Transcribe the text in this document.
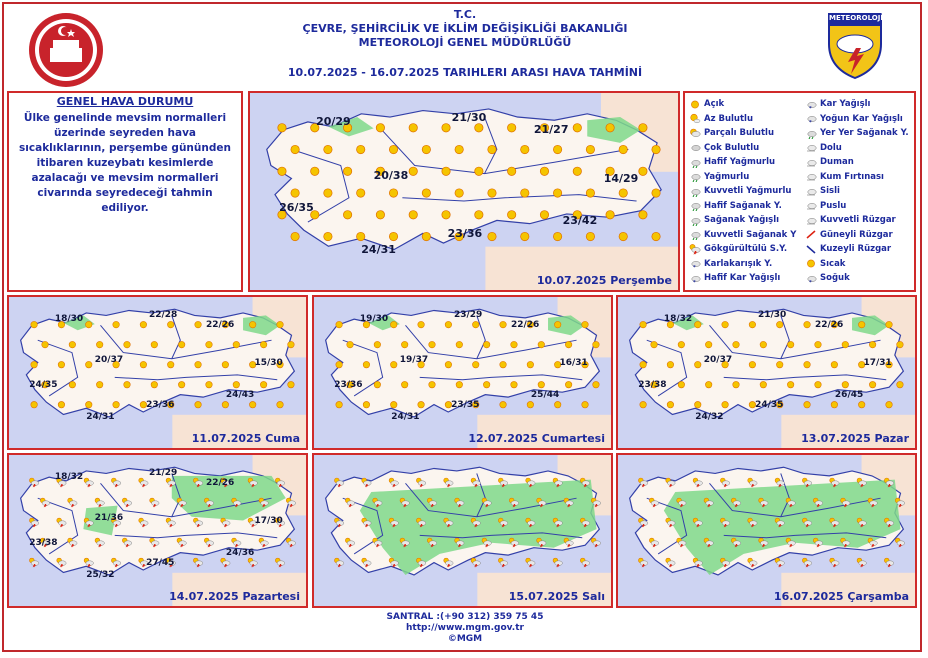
METEOROLOJİ
T.C.
ÇEVRE, ŞEHİRCİLİK VE İKLİM DEĞİŞİKLİĞİ BAKANLIĞI
METEOROLOJİ GENEL MÜDÜRLÜĞÜ
10.07.2025 - 16.07.2025 TARIHLERI ARASI HAVA TAHMİNİ
GENEL HAVA DURUMU
Ülke genelinde mevsim normalleri üzerinde seyreden hava sıcaklıklarının, perşembe gününden itibaren kuzeybatı kesimlerde azalacağı ve mevsim normalleri civarında seyredeceği tahmin ediliyor.
20/29	21/30
21/27
20/38	14/29
26/35
23/36
23/42
24/31
10.07.2025 Perşembe
18/30	22/28
22/26
20/37	15/30
24/35
23/36
24/43
24/31
11.07.2025 Cuma
19/30	23/29
22/26
19/37	16/31
23/36
23/35
25/44
24/31
12.07.2025 Cumartesi
18/32	21/30
22/26
20/37	17/31
23/38
24/35
26/45
24/32
13.07.2025 Pazar
18/32	21/29
22/26
21/36	17/30
23/38
27/45
24/36
25/32
14.07.2025 Pazartesi	15.07.2025 Salı	16.07.2025 Çarşamba
Açık
Az Bulutlu
Parçalı Bulutlu
Çok Bulutlu
Hafif Yağmurlu
Yağmurlu
Kuvvetli Yağmurlu
Hafif Sağanak Y.
Sağanak Yağışlı
Kuvvetli Sağanak Y
Gökgürültülü S.Y.
* Karlakarışık Y.
* Hafif Kar Yağışlı
* Kar Yağışlı
* Yoğun Kar Yağışlı
Yer Yer Sağanak Y.
Dolu
Duman
Kum Fırtınası
Sisli
Puslu
Kuvvetli Rüzgar
Güneyli Rüzgar
Kuzeyli Rüzgar
Sıcak
* Soğuk
SANTRAL :(+90 312) 359 75 45
http://www.mgm.gov.tr
©MGM
